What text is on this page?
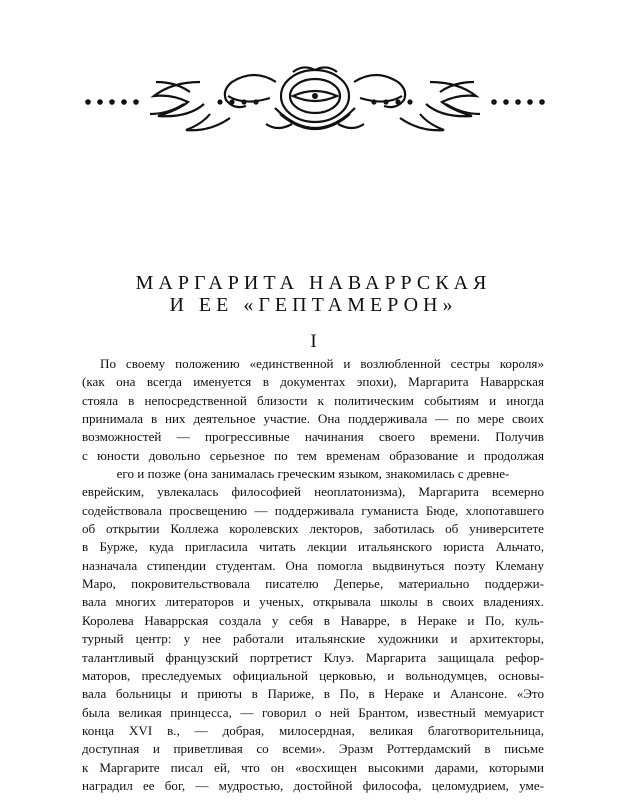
МАРГАРИТА НАВАРРСКАЯ
И ЕЕ «ГЕПТАМЕРОН»
I
По своему положению «единственной и возлюбленной сестры короля»
(как она всегда именуется в документах эпохи), Маргарита Наваррская
стояла в непосредственной близости к политическим событиям и иногда
принимала в них деятельное участие. Она поддерживала — по мере своих
возможностей — прогрессивные начинания своего времени. Получив
с юности довольно серьезное по тем временам образование и продолжая
его и позже (она занималась греческим языком, знакомилась с древне-
еврейским, увлекалась философией неоплатонизма), Маргарита всемерно
содействовала просвещению — поддерживала гуманиста Бюде, хлопотавшего
об открытии Коллежа королевских лекторов, заботилась об университете
в Бурже, куда пригласила читать лекции итальянского юриста Альчато,
назначала стипендии студентам. Она помогла выдвинуться поэту Клеману
Маро, покровительствовала писателю Деперье, материально поддержи-
вала многих литераторов и ученых, открывала школы в своих владениях.
Королева Наваррская создала у себя в Наварре, в Нераке и По, куль-
турный центр: у нее работали итальянские художники и архитекторы,
талантливый французский портретист Клуэ. Маргарита защищала рефор-
маторов, преследуемых официальной церковью, и вольнодумцев, основы-
вала больницы и приюты в Париже, в По, в Нераке и Алансоне. «Это
была великая принцесса, — говорил о ней Брантом, известный мемуарист
конца XVI в., — добрая, милосердная, великая благотворительница,
доступная и приветливая со всеми». Эразм Роттердамский в письме
к Маргарите писал ей, что он «восхищен высокими дарами, которыми
наградил ее бог, — мудростью, достойной философа, целомудрием, уме-
